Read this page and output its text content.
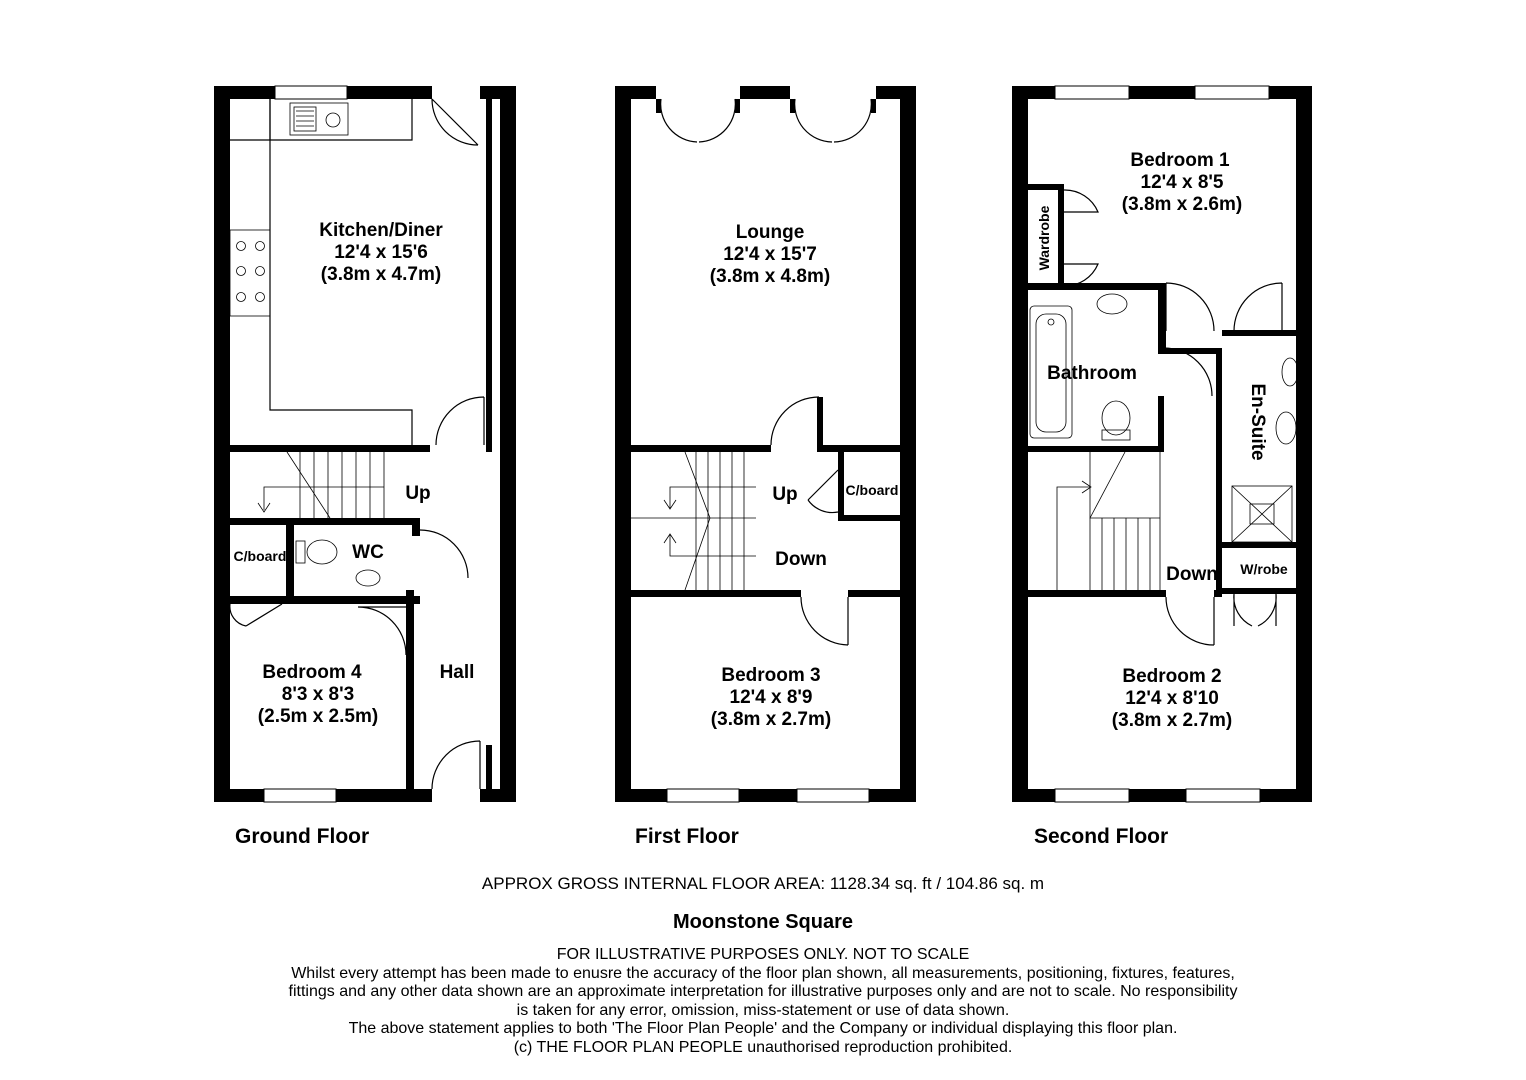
Kitchen/Diner
12'4 x 15'6
(3.8m x 4.7m)
Up
WC
C/board
Hall
Bedroom 4
8'3 x 8'3
(2.5m x 2.5m)
Lounge
12'4 x 15'7
(3.8m x 4.8m)
Up
Down
C/board
Bedroom 3
12'4 x 8'9
(3.8m x 2.7m)
Bedroom 1
12'4 x 8'5
(3.8m x 2.6m)
Wardrobe
Bathroom
En-Suite
W/robe
Down
Bedroom 2
12'4 x 8'10
(3.8m x 2.7m)
Ground Floor	First Floor	Second Floor
APPROX GROSS INTERNAL FLOOR AREA: 1128.34 sq. ft / 104.86 sq. m
Moonstone Square
FOR ILLUSTRATIVE PURPOSES ONLY. NOT TO SCALE
Whilst every attempt has been made to enusre the accuracy of the floor plan shown, all measurements, positioning, fixtures, features,
fittings and any other data shown are an approximate interpretation for illustrative purposes only and are not to scale. No responsibility
is taken for any error, omission, miss-statement or use of data shown.
The above statement applies to both 'The Floor Plan People' and the Company or individual displaying this floor plan.
(c) THE FLOOR PLAN PEOPLE unauthorised reproduction prohibited.
